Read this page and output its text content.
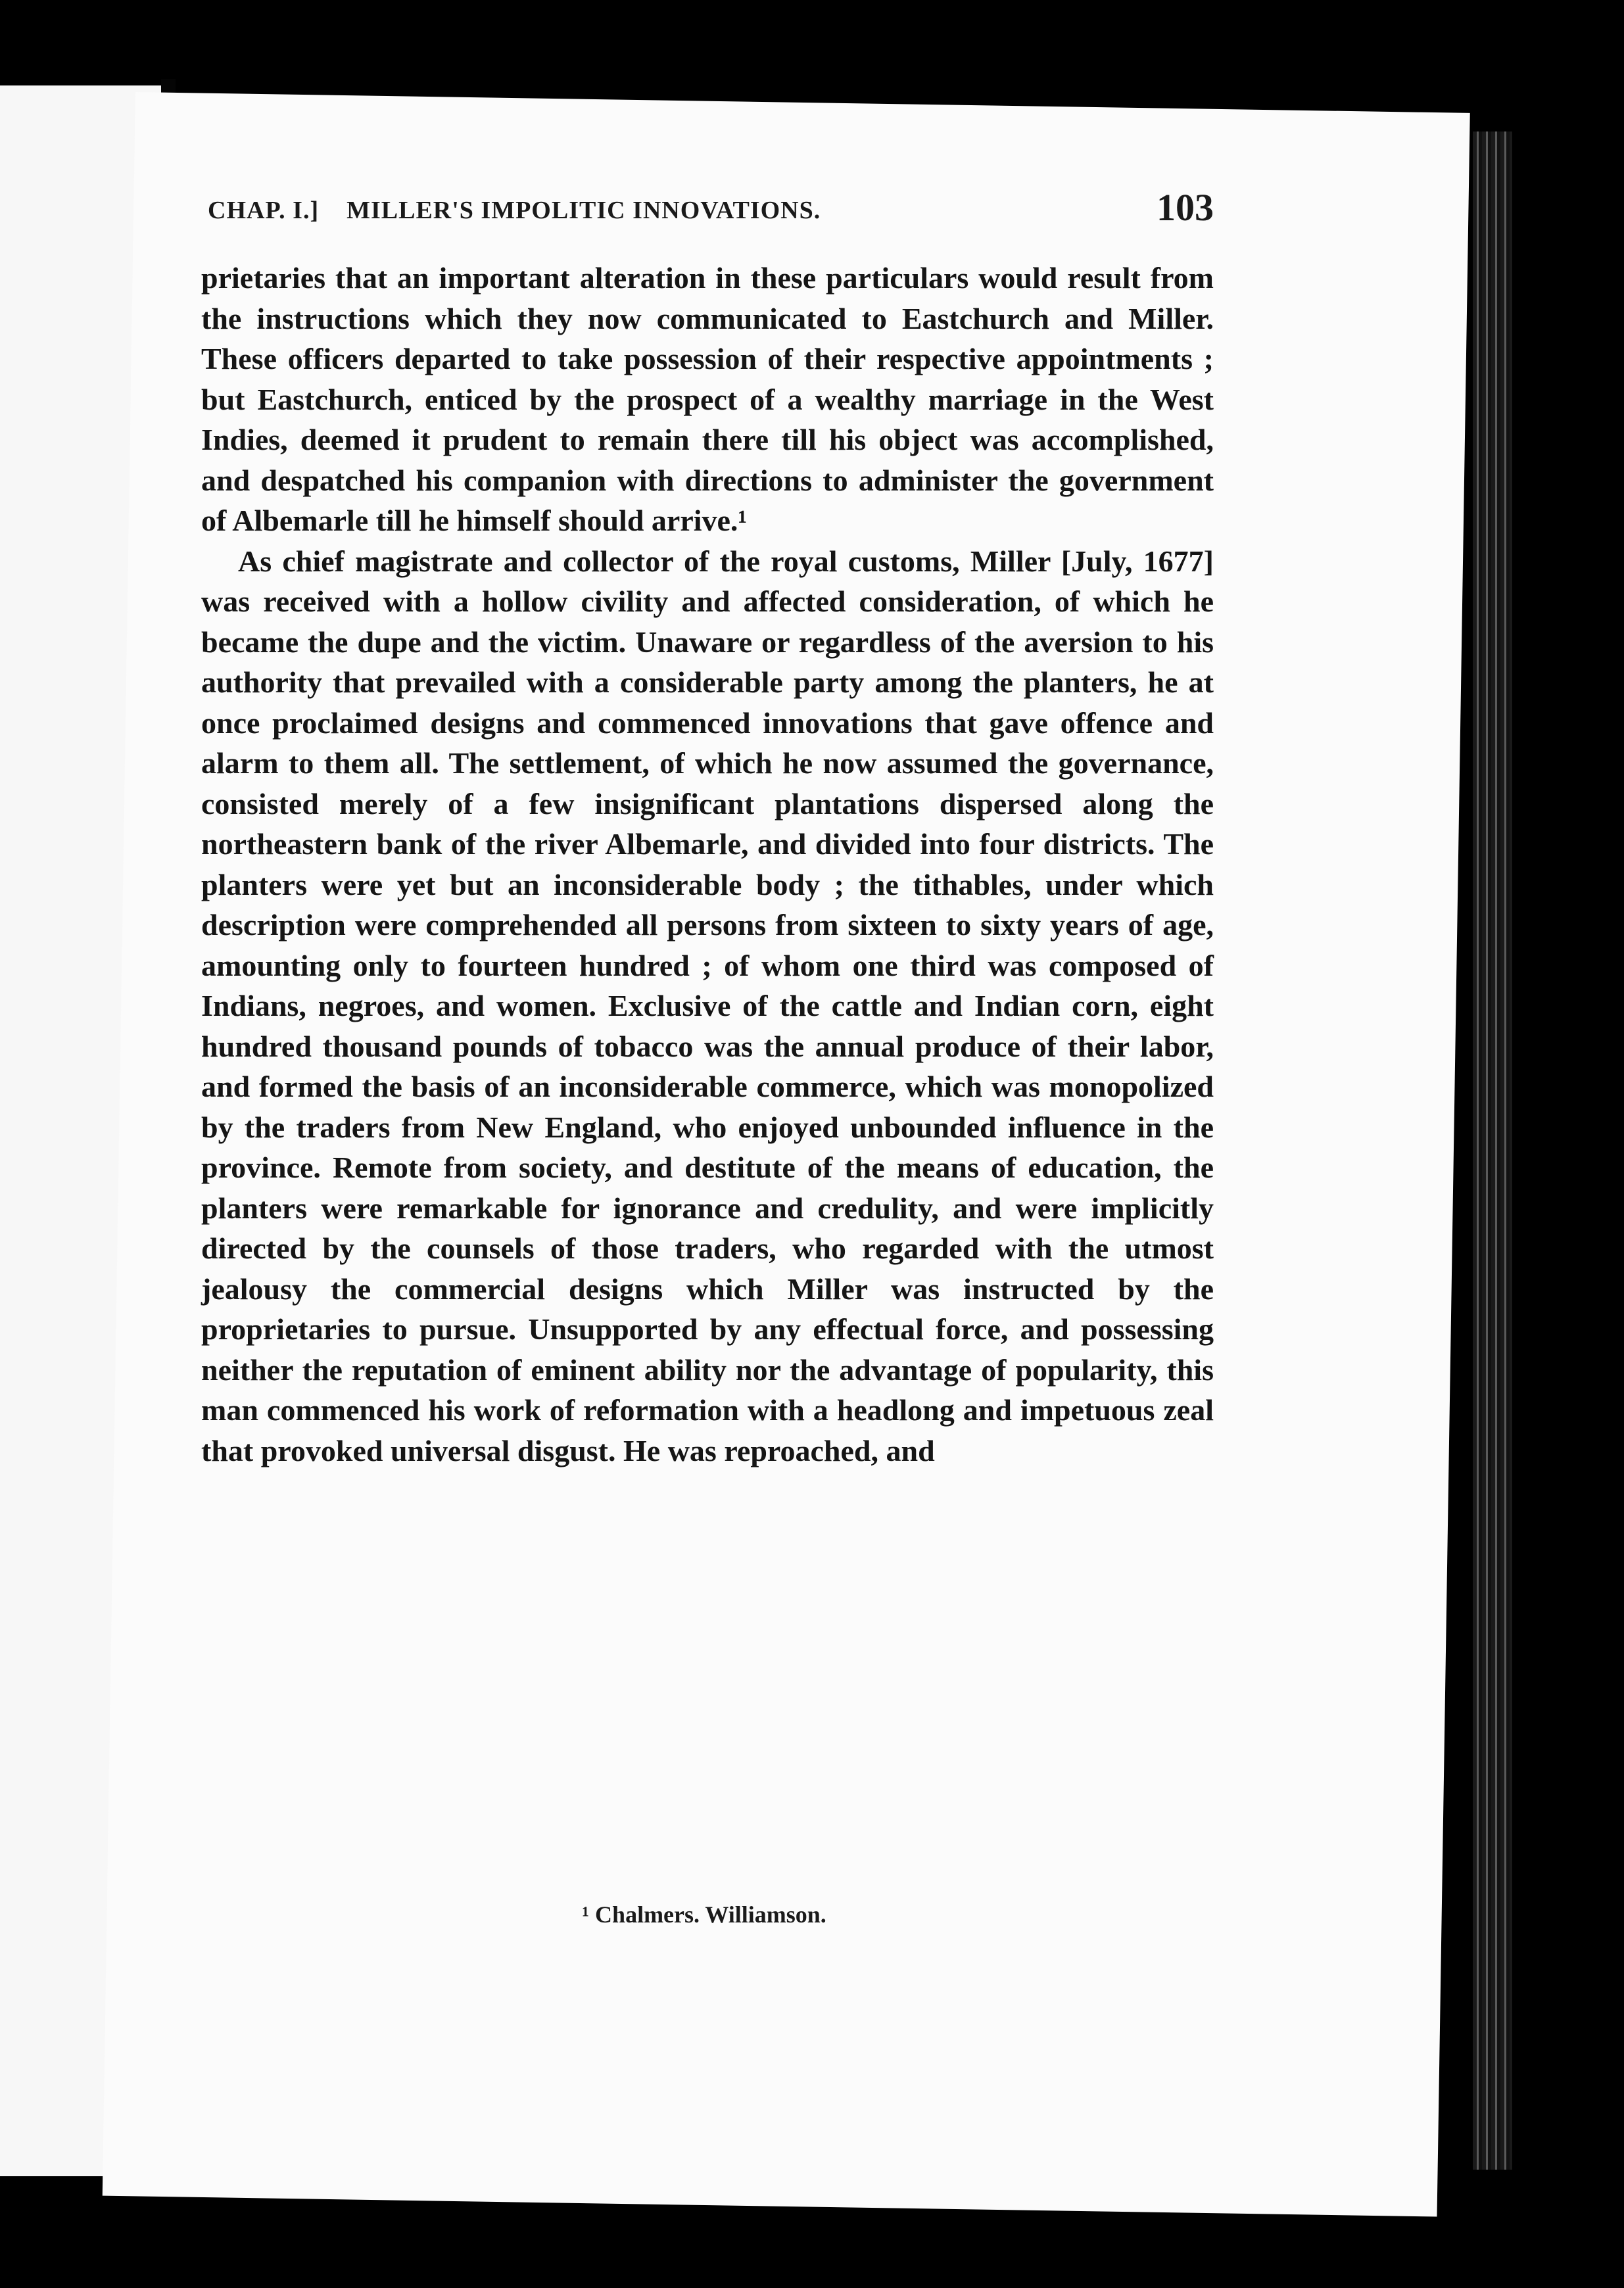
CHAP. I.]    MILLER'S IMPOLITIC INNOVATIONS.	103

prietaries that an important alteration in these particulars would result from the instructions which they now communicated to Eastchurch and Miller. These officers departed to take possession of their respective appointments ; but Eastchurch, enticed by the prospect of a wealthy marriage in the West Indies, deemed it prudent to remain there till his object was accomplished, and despatched his companion with directions to administer the government of Albemarle till he himself should arrive.¹

As chief magistrate and collector of the royal customs, Miller [July, 1677] was received with a hollow civility and affected consideration, of which he became the dupe and the victim. Unaware or regardless of the aversion to his authority that prevailed with a considerable party among the planters, he at once proclaimed designs and commenced innovations that gave offence and alarm to them all. The settlement, of which he now assumed the governance, consisted merely of a few insignificant plantations dispersed along the northeastern bank of the river Albemarle, and divided into four districts. The planters were yet but an inconsiderable body ; the tithables, under which description were comprehended all persons from sixteen to sixty years of age, amounting only to fourteen hundred ; of whom one third was composed of Indians, negroes, and women. Exclusive of the cattle and Indian corn, eight hundred thousand pounds of tobacco was the annual produce of their labor, and formed the basis of an inconsiderable commerce, which was monopolized by the traders from New England, who enjoyed unbounded influence in the province. Remote from society, and destitute of the means of education, the planters were remarkable for ignorance and credulity, and were implicitly directed by the counsels of those traders, who regarded with the utmost jealousy the commercial designs which Miller was instructed by the proprietaries to pursue. Unsupported by any effectual force, and possessing neither the reputation of eminent ability nor the advantage of popularity, this man commenced his work of reformation with a headlong and impetuous zeal that provoked universal disgust. He was reproached, and

¹ Chalmers. Williamson.
